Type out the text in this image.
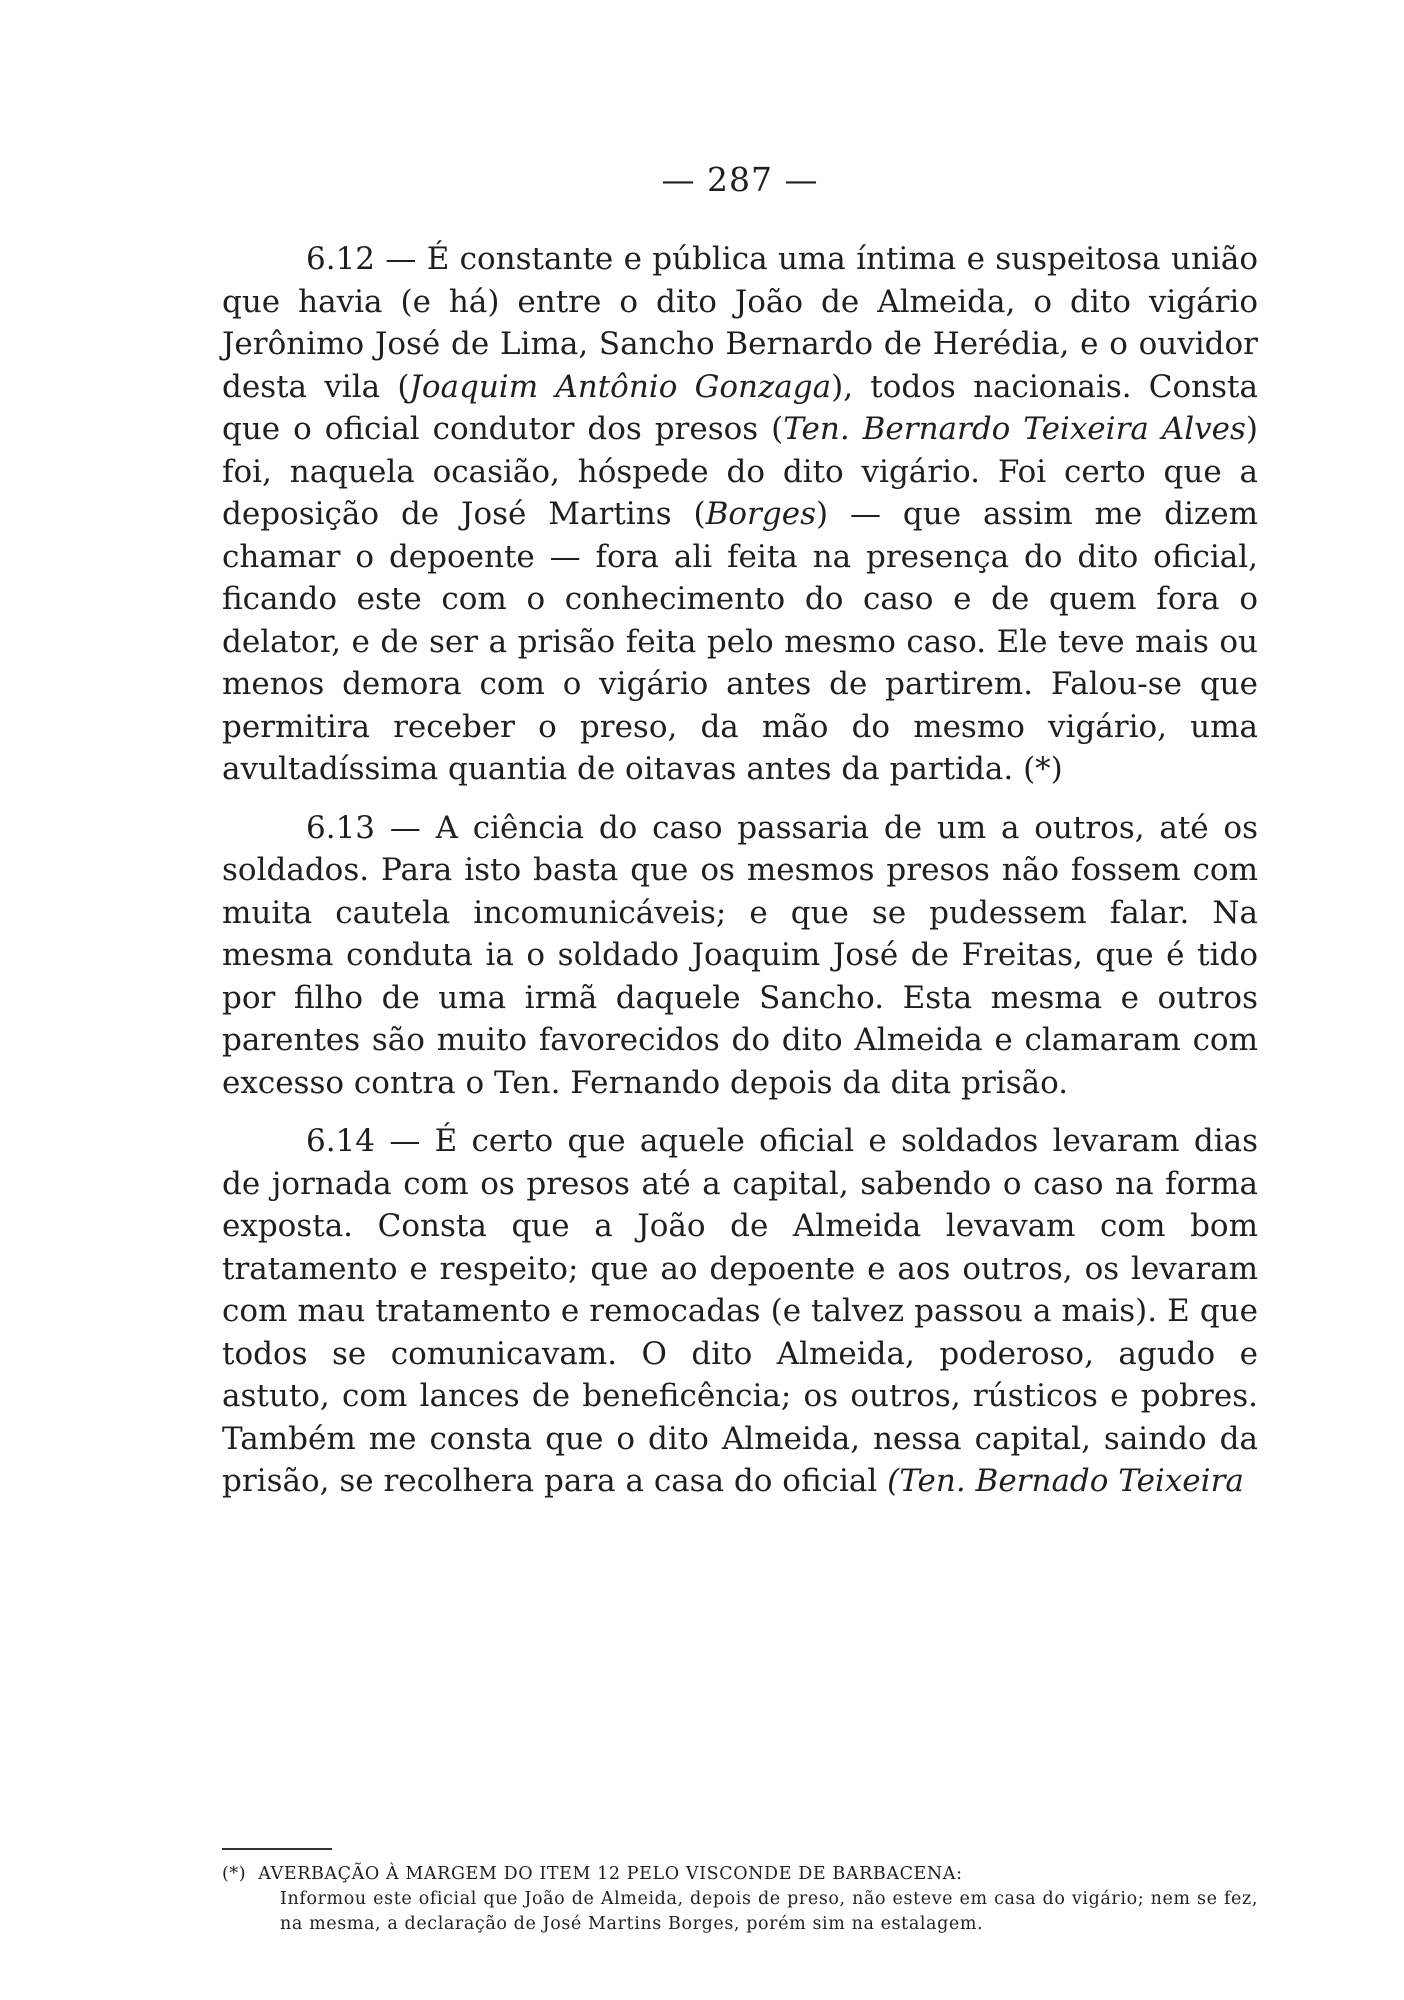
— 287 —

6.12 — É constante e pública uma íntima e suspeitosa união que havia (e há) entre o dito João de Almeida, o dito vigário Jerônimo José de Lima, Sancho Bernardo de Herédia, e o ouvidor desta vila (Joaquim Antônio Gonzaga), todos nacionais. Consta que o oficial condutor dos presos (Ten. Bernardo Teixeira Alves) foi, naquela ocasião, hóspede do dito vigário. Foi certo que a deposição de José Martins (Borges) — que assim me dizem chamar o depoente — fora ali feita na presença do dito oficial, ficando este com o conhecimento do caso e de quem fora o delator, e de ser a prisão feita pelo mesmo caso. Ele teve mais ou menos demora com o vigário antes de partirem. Falou-se que permitira receber o preso, da mão do mesmo vigário, uma avultadíssima quantia de oitavas antes da partida. (*)

6.13 — A ciência do caso passaria de um a outros, até os soldados. Para isto basta que os mesmos presos não fossem com muita cautela incomunicáveis; e que se pudessem falar. Na mesma conduta ia o soldado Joaquim José de Freitas, que é tido por filho de uma irmã daquele Sancho. Esta mesma e outros parentes são muito favorecidos do dito Almeida e clamaram com excesso contra o Ten. Fernando depois da dita prisão.

6.14 — É certo que aquele oficial e soldados levaram dias de jornada com os presos até a capital, sabendo o caso na forma exposta. Consta que a João de Almeida levavam com bom tratamento e respeito; que ao depoente e aos outros, os levaram com mau tratamento e remocadas (e talvez passou a mais). E que todos se comunicavam. O dito Almeida, poderoso, agudo e astuto, com lances de beneficência; os outros, rústicos e pobres. Também me consta que o dito Almeida, nessa capital, saindo da prisão, se recolhera para a casa do oficial (Ten. Bernado Teixeira

(*) AVERBAÇÃO À MARGEM DO ITEM 12 PELO VISCONDE DE BARBACENA:
Informou este oficial que João de Almeida, depois de preso, não esteve em casa do vigário; nem se fez, na mesma, a declaração de José Martins Borges, porém sim na estalagem.
